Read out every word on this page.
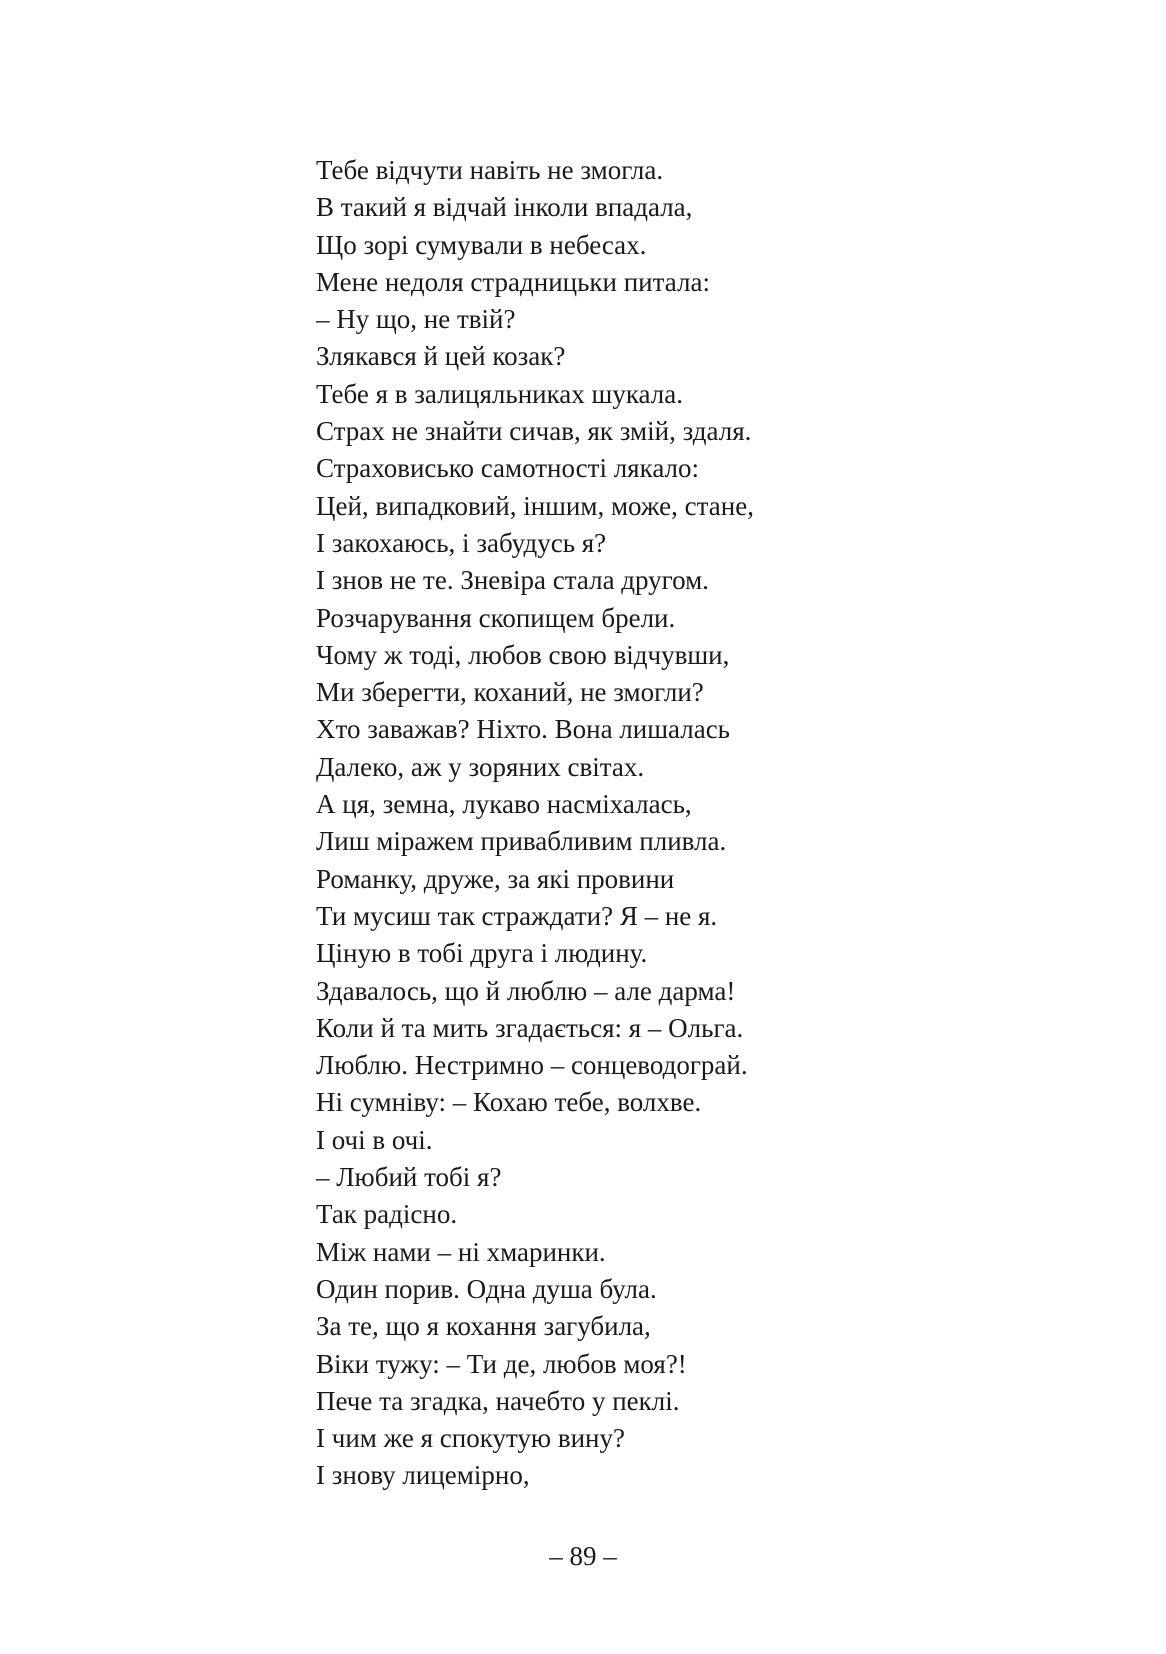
Тебе відчути навіть не змогла.
В такий я відчай інколи впадала,
Що зорі сумували в небесах.
Мене недоля страдницьки питала:
– Ну що, не твій?
Злякався й цей козак?
Тебе я в залицяльниках шукала.
Страх не знайти сичав, як змій, здаля.
Страховисько самотності лякало:
Цей, випадковий, іншим, може, стане,
І закохаюсь, і забудусь я?
І знов не те. Зневіра стала другом.
Розчарування скопищем брели.
Чому ж тоді, любов свою відчувши,
Ми зберегти, коханий, не змогли?
Хто заважав? Ніхто. Вона лишалась
Далеко, аж у зоряних світах.
А ця, земна, лукаво насміхалась,
Лиш міражем привабливим пливла.
Романку, друже, за які провини
Ти мусиш так страждати? Я – не я.
Ціную в тобі друга і людину.
Здавалось, що й люблю – але дарма!
Коли й та мить згадається: я – Ольга.
Люблю. Нестримно – сонцеводограй.
Ні сумніву: – Кохаю тебе, волхве.
І очі в очі.
– Любий тобі я?
Так радісно.
Між нами – ні хмаринки.
Один порив. Одна душа була.
За те, що я кохання загубила,
Віки тужу: – Ти де, любов моя?!
Пече та згадка, начебто у пеклі.
І чим же я спокутую вину?
І знову лицемірно,
– 89 –
